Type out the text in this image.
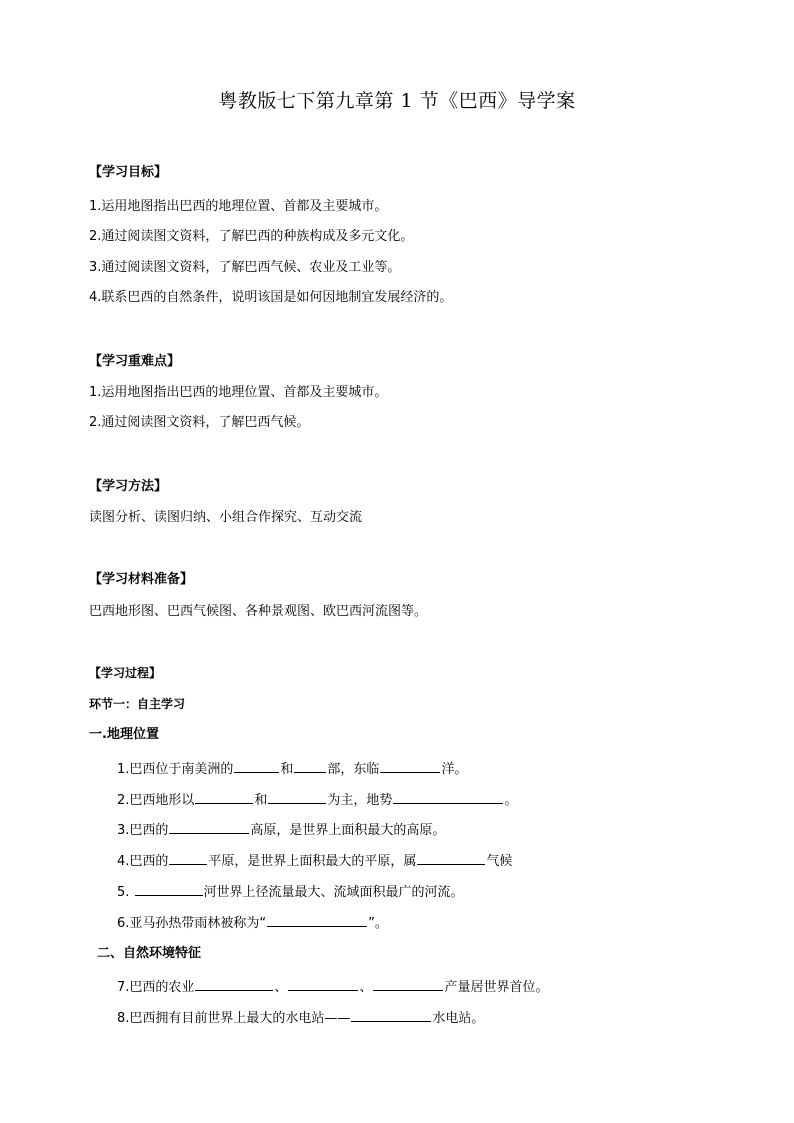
粤教版七下第九章第 1 节《巴西》导学案
【学习目标】
1.运用地图指出巴西的地理位置、首都及主要城市。
2.通过阅读图文资料，了解巴西的种族构成及多元文化。
3.通过阅读图文资料，了解巴西气候、农业及工业等。
4.联系巴西的自然条件，说明该国是如何因地制宜发展经济的。
【学习重难点】
1.运用地图指出巴西的地理位置、首都及主要城市。
2.通过阅读图文资料，了解巴西气候。
【学习方法】
读图分析、读图归纳、小组合作探究、互动交流
【学习材料准备】
巴西地形图、巴西气候图、各种景观图、欧巴西河流图等。
【学习过程】
环节一：自主学习
一.地理位置
1.巴西位于南美洲的	和	部，东临	洋。
2.巴西地形以	和	为主，地势	。
3.巴西的	高原，是世界上面积最大的高原。
4.巴西的	平原，是世界上面积最大的平原，属	气候
5.	河世界上径流量最大、流域面积最广的河流。
6.亚马孙热带雨林被称为“	”。
二、自然环境特征
7.巴西的农业	、	、	产量居世界首位。
8.巴西拥有目前世界上最大的水电站——	水电站。
